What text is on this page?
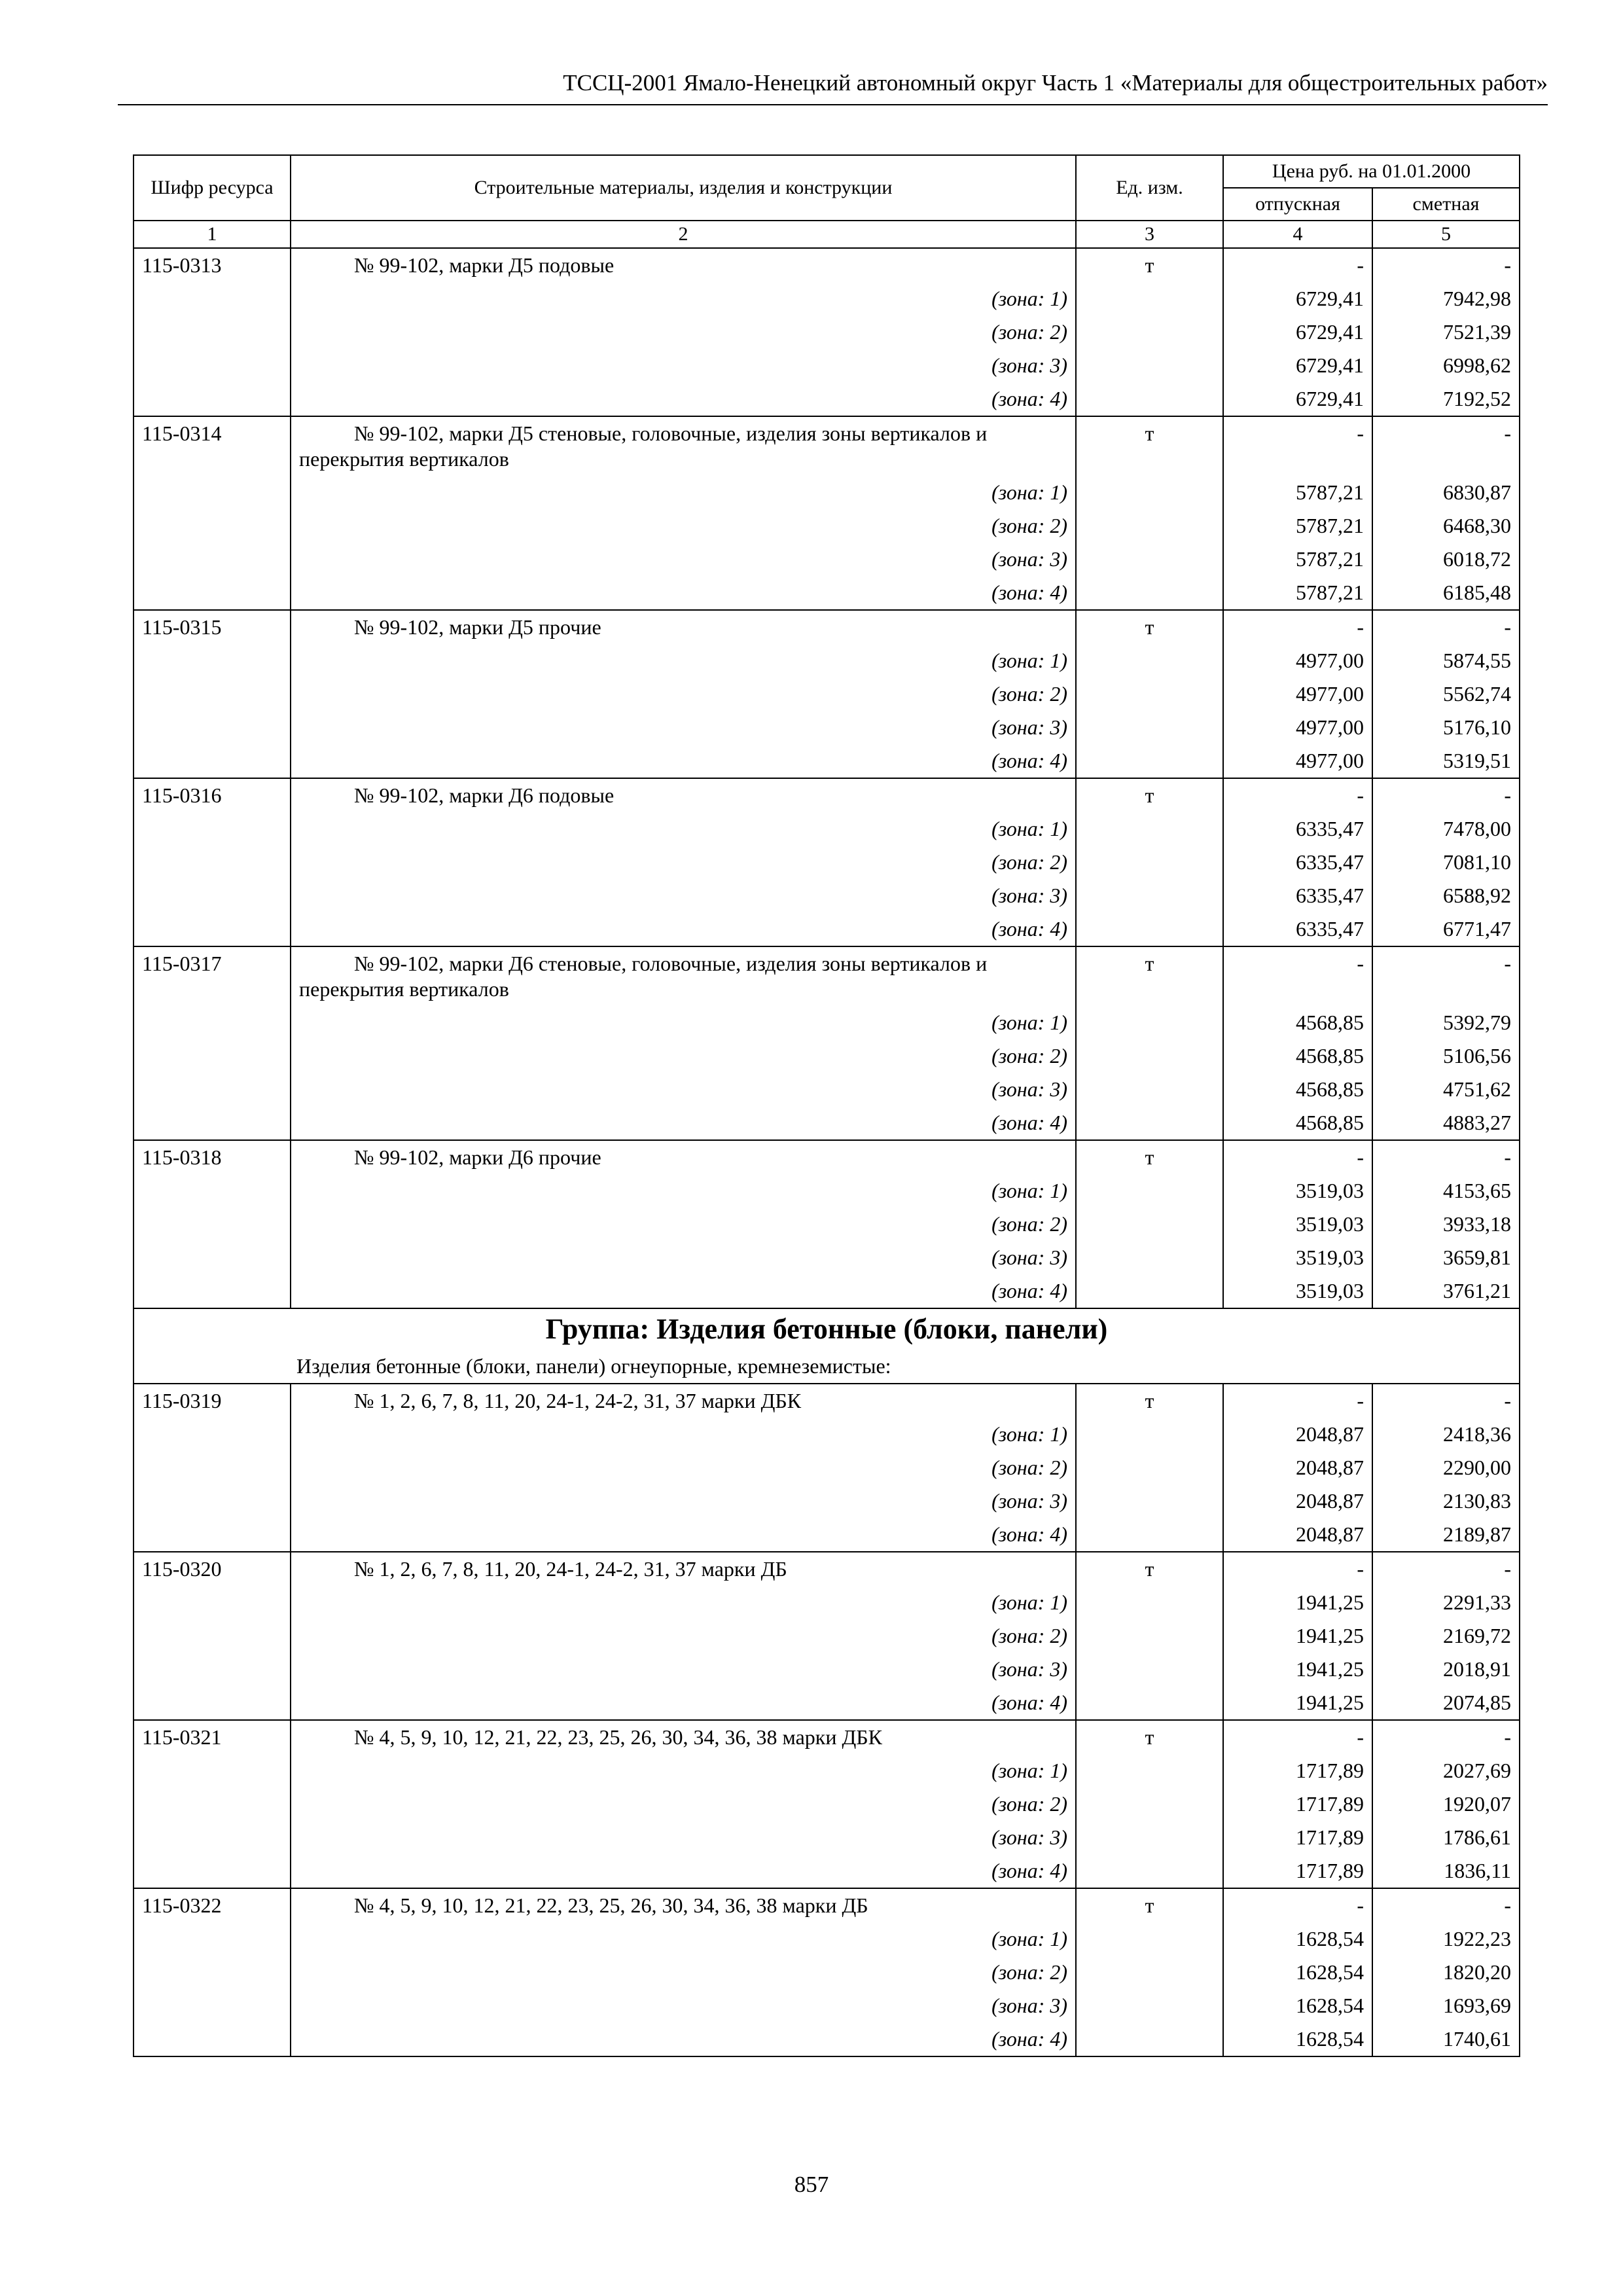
ТССЦ-2001 Ямало-Ненецкий автономный округ Часть 1 «Материалы для общестроительных работ»
Шифр ресурса	Строительные материалы, изделия и конструкции	Ед. изм.	Цена руб. на 01.01.2000	
			отпускная	сметная
1	2	3	4	5
115-0313	№ 99-102, марки Д5 подовые	т	-	-
	(зона: 1)		6729,41	7942,98
	(зона: 2)		6729,41	7521,39
	(зона: 3)		6729,41	6998,62
	(зона: 4)		6729,41	7192,52
115-0314	№ 99-102, марки Д5 стеновые, головочные, изделия зоны вертикалов и перекрытия вертикалов	т	-	-
	(зона: 1)		5787,21	6830,87
	(зона: 2)		5787,21	6468,30
	(зона: 3)		5787,21	6018,72
	(зона: 4)		5787,21	6185,48
115-0315	№ 99-102, марки Д5 прочие	т	-	-
	(зона: 1)		4977,00	5874,55
	(зона: 2)		4977,00	5562,74
	(зона: 3)		4977,00	5176,10
	(зона: 4)		4977,00	5319,51
115-0316	№ 99-102, марки Д6 подовые	т	-	-
	(зона: 1)		6335,47	7478,00
	(зона: 2)		6335,47	7081,10
	(зона: 3)		6335,47	6588,92
	(зона: 4)		6335,47	6771,47
115-0317	№ 99-102, марки Д6 стеновые, головочные, изделия зоны вертикалов и перекрытия вертикалов	т	-	-
	(зона: 1)		4568,85	5392,79
	(зона: 2)		4568,85	5106,56
	(зона: 3)		4568,85	4751,62
	(зона: 4)		4568,85	4883,27
115-0318	№ 99-102, марки Д6 прочие	т	-	-
	(зона: 1)		3519,03	4153,65
	(зона: 2)		3519,03	3933,18
	(зона: 3)		3519,03	3659,81
	(зона: 4)		3519,03	3761,21
Группа: Изделия бетонные (блоки, панели)				
Изделия бетонные (блоки, панели) огнеупорные, кремнеземистые:				
115-0319	№ 1, 2, 6, 7, 8, 11, 20, 24-1, 24-2, 31, 37 марки ДБК	т	-	-
	(зона: 1)		2048,87	2418,36
	(зона: 2)		2048,87	2290,00
	(зона: 3)		2048,87	2130,83
	(зона: 4)		2048,87	2189,87
115-0320	№ 1, 2, 6, 7, 8, 11, 20, 24-1, 24-2, 31, 37 марки ДБ	т	-	-
	(зона: 1)		1941,25	2291,33
	(зона: 2)		1941,25	2169,72
	(зона: 3)		1941,25	2018,91
	(зона: 4)		1941,25	2074,85
115-0321	№ 4, 5, 9, 10, 12, 21, 22, 23, 25, 26, 30, 34, 36, 38 марки ДБК	т	-	-
	(зона: 1)		1717,89	2027,69
	(зона: 2)		1717,89	1920,07
	(зона: 3)		1717,89	1786,61
	(зона: 4)		1717,89	1836,11
115-0322	№ 4, 5, 9, 10, 12, 21, 22, 23, 25, 26, 30, 34, 36, 38 марки ДБ	т	-	-
	(зона: 1)		1628,54	1922,23
	(зона: 2)		1628,54	1820,20
	(зона: 3)		1628,54	1693,69
	(зона: 4)		1628,54	1740,61
857
